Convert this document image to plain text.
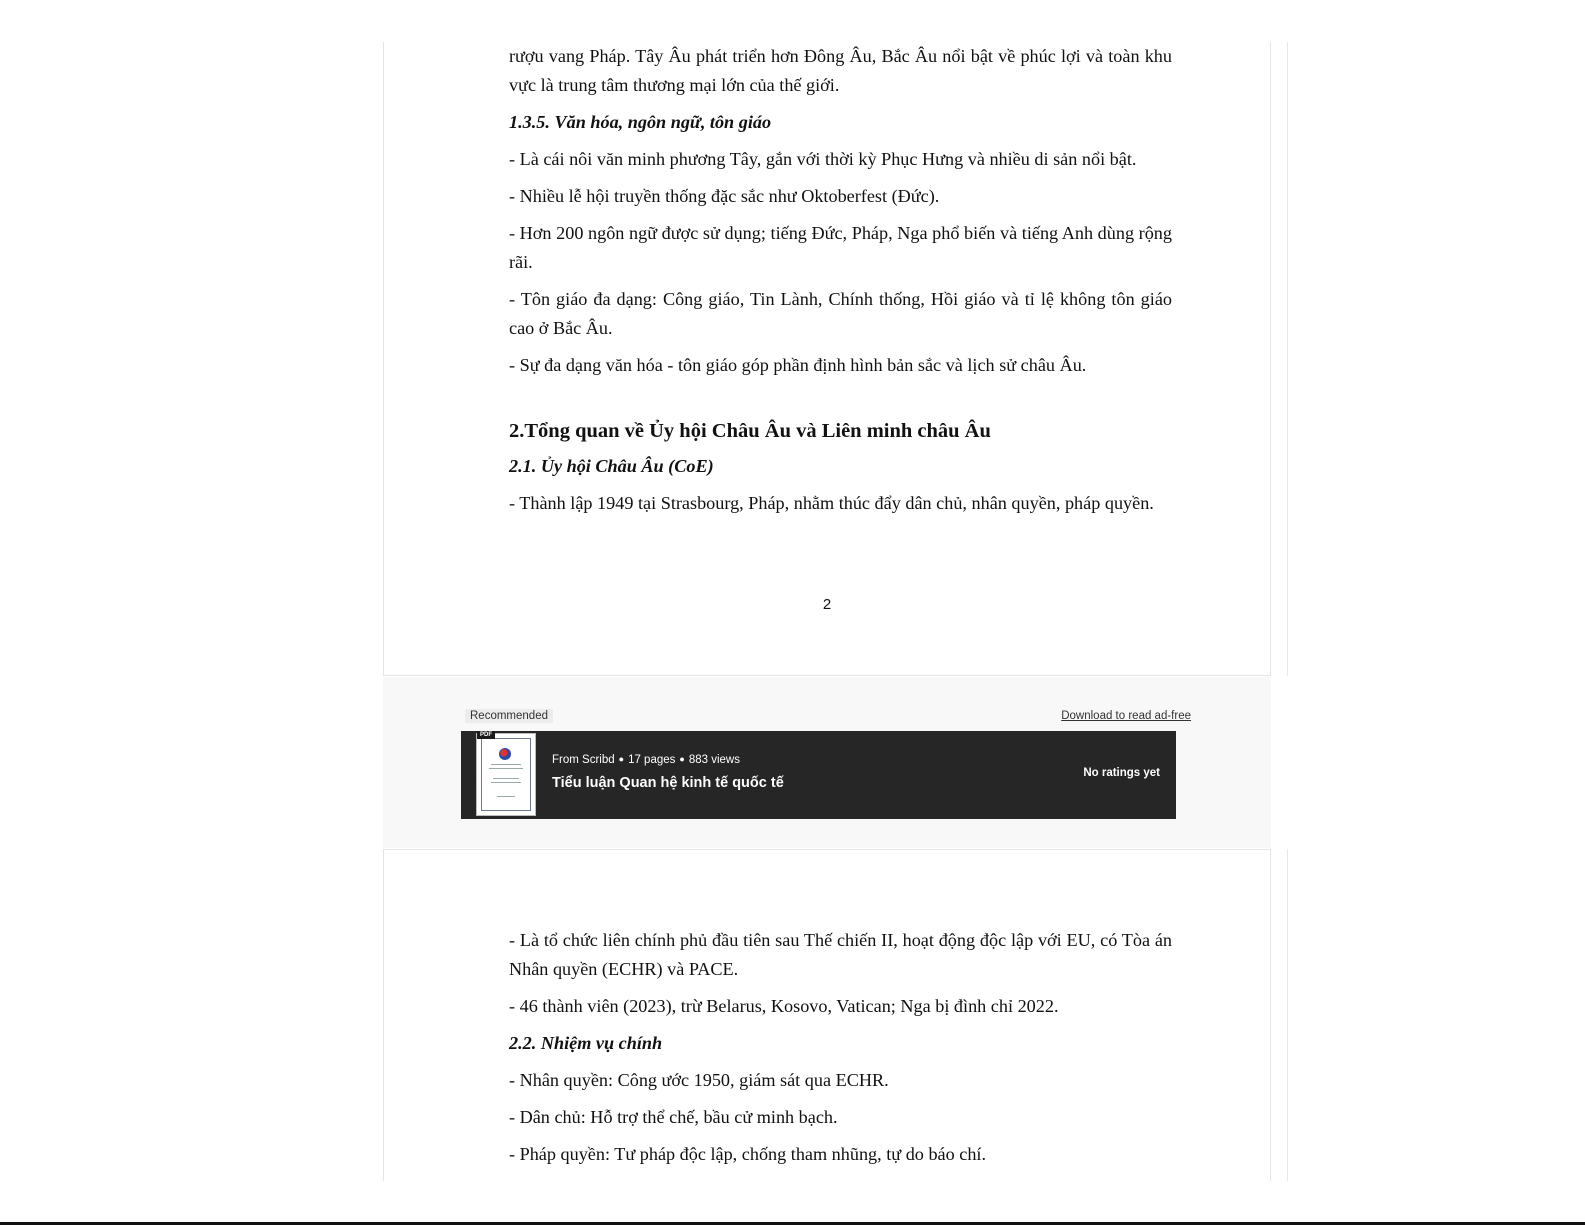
rượu vang Pháp. Tây Âu phát triển hơn Đông Âu, Bắc Âu nổi bật về phúc lợi và toàn khu vực là trung tâm thương mại lớn của thế giới.

1.3.5. Văn hóa, ngôn ngữ, tôn giáo

- Là cái nôi văn minh phương Tây, gắn với thời kỳ Phục Hưng và nhiều di sản nổi bật.

- Nhiều lễ hội truyền thống đặc sắc như Oktoberfest (Đức).

- Hơn 200 ngôn ngữ được sử dụng; tiếng Đức, Pháp, Nga phổ biến và tiếng Anh dùng rộng rãi.

- Tôn giáo đa dạng: Công giáo, Tin Lành, Chính thống, Hồi giáo và tỉ lệ không tôn giáo cao ở Bắc Âu.

- Sự đa dạng văn hóa - tôn giáo góp phần định hình bản sắc và lịch sử châu Âu.

2.Tổng quan về Ủy hội Châu Âu và Liên minh châu Âu

2.1. Ủy hội Châu Âu (CoE)

- Thành lập 1949 tại Strasbourg, Pháp, nhằm thúc đẩy dân chủ, nhân quyền, pháp quyền.

2
Recommended	Download to read ad-free
PDF
From Scribd ● 17 pages ● 883 views
Tiểu luận Quan hệ kinh tế quốc tế
No ratings yet

- Là tổ chức liên chính phủ đầu tiên sau Thế chiến II, hoạt động độc lập với EU, có Tòa án Nhân quyền (ECHR) và PACE.

- 46 thành viên (2023), trừ Belarus, Kosovo, Vatican; Nga bị đình chỉ 2022.

2.2. Nhiệm vụ chính

- Nhân quyền: Công ước 1950, giám sát qua ECHR.

- Dân chủ: Hỗ trợ thể chế, bầu cử minh bạch.

- Pháp quyền: Tư pháp độc lập, chống tham nhũng, tự do báo chí.
